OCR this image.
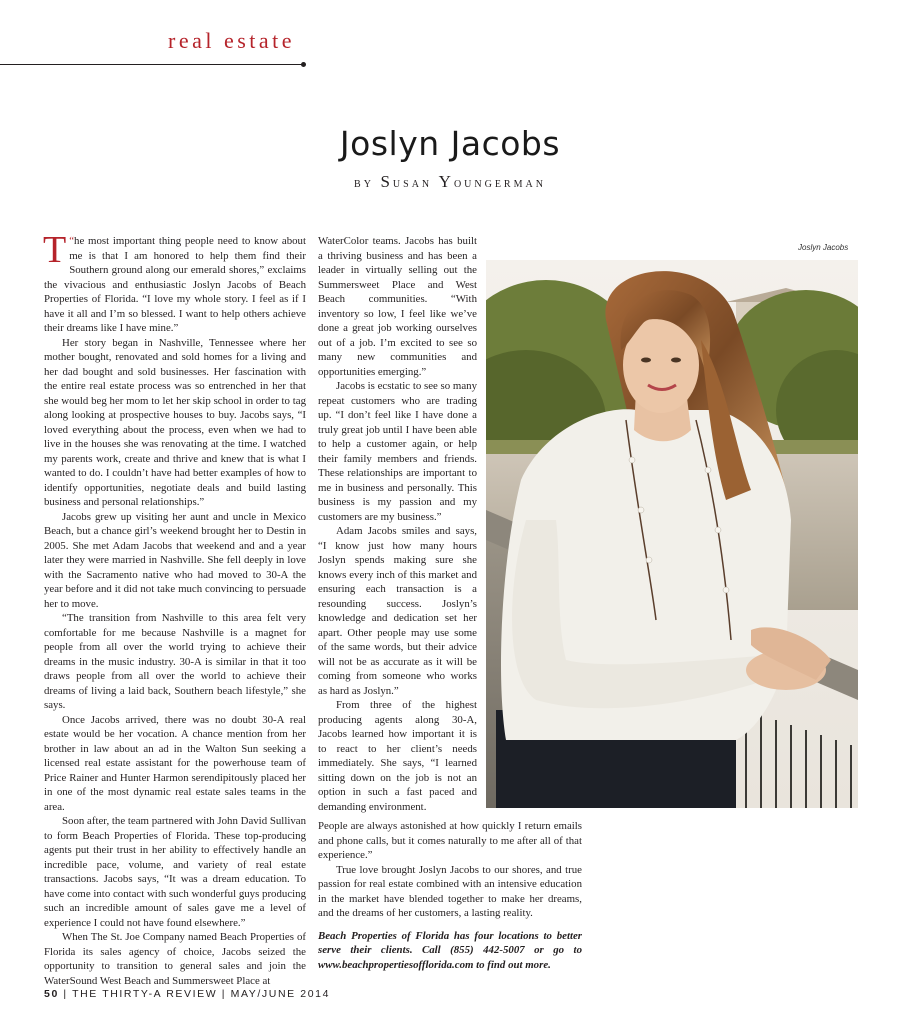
real estate
Joslyn Jacobs
by Susan Youngerman

“
T he most important thing people need to know about me is that I am honored to help them find their Southern ground along our emerald shores,” exclaims the vivacious and enthusiastic Joslyn Jacobs of Beach Properties of Florida. “I love my whole story. I feel as if I have it all and I’m so blessed. I want to help others achieve their dreams like I have mine.”

Her story began in Nashville, Tennessee where her mother bought, renovated and sold homes for a living and her dad bought and sold businesses. Her fascination with the entire real estate process was so entrenched in her that she would beg her mom to let her skip school in order to tag along looking at prospective houses to buy. Jacobs says, “I loved everything about the process, even when we had to live in the houses she was renovating at the time. I watched my parents work, create and thrive and knew that is what I wanted to do. I couldn’t have had better examples of how to identify opportunities, negotiate deals and build lasting business and personal relationships.”

Jacobs grew up visiting her aunt and uncle in Mexico Beach, but a chance girl’s weekend brought her to Destin in 2005. She met Adam Jacobs that weekend and and a year later they were married in Nashville. She fell deeply in love with the Sacramento native who had moved to 30-A the year before and it did not take much convincing to persuade her to move.

“The transition from Nashville to this area felt very comfortable for me because Nashville is a magnet for people from all over the world trying to achieve their dreams in the music industry. 30-A is similar in that it too draws people from all over the world to achieve their dreams of living a laid back, Southern beach lifestyle,” she says.

Once Jacobs arrived, there was no doubt 30-A real estate would be her vocation. A chance mention from her brother in law about an ad in the Walton Sun seeking a licensed real estate assistant for the powerhouse team of Price Rainer and Hunter Harmon serendipitously placed her in one of the most dynamic real estate sales teams in the area.

Soon after, the team partnered with John David Sullivan to form Beach Properties of Florida. These top-producing agents put their trust in her ability to effectively handle an incredible pace, volume, and variety of real estate transactions. Jacobs says, “It was a dream education. To have come into contact with such wonderful guys producing such an incredible amount of sales gave me a level of experience I could not have found elsewhere.”

When The St. Joe Company named Beach Properties of Florida its sales agency of choice, Jacobs seized the opportunity to transition to general sales and join the WaterSound West Beach and Summersweet Place at

WaterColor teams. Jacobs has built a thriving business and has been a leader in virtually selling out the Summersweet Place and West Beach communities. “With inventory so low, I feel like we’ve done a great job working ourselves out of a job. I’m excited to see so many new communities and opportunities emerging.”

Jacobs is ecstatic to see so many repeat customers who are trading up. “I don’t feel like I have done a truly great job until I have been able to help a customer again, or help their family members and friends. These relationships are important to me in business and personally. This business is my passion and my customers are my business.”

Adam Jacobs smiles and says, “I know just how many hours Joslyn spends making sure she knows every inch of this market and ensuring each transaction is a resounding success. Joslyn’s knowledge and dedication set her apart. Other people may use some of the same words, but their advice will not be as accurate as it will be coming from someone who works as hard as Joslyn.”

From three of the highest producing agents along 30-A, Jacobs learned how important it is to react to her client’s needs immediately. She says, “I learned sitting down on the job is not an option in such a fast paced and demanding environment.

People are always astonished at how quickly I return emails and phone calls, but it comes naturally to me after all of that experience.”

True love brought Joslyn Jacobs to our shores, and true passion for real estate combined with an intensive education in the market have blended together to make her dreams, and the dreams of her customers, a lasting reality.

Beach Properties of Florida has four locations to better serve their clients. Call (855) 442-5007 or go to www.beachpropertiesofflorida.com to find out more.

Joslyn Jacobs
50 | THE THIRTY-A REVIEW | MAY/JUNE 2014
